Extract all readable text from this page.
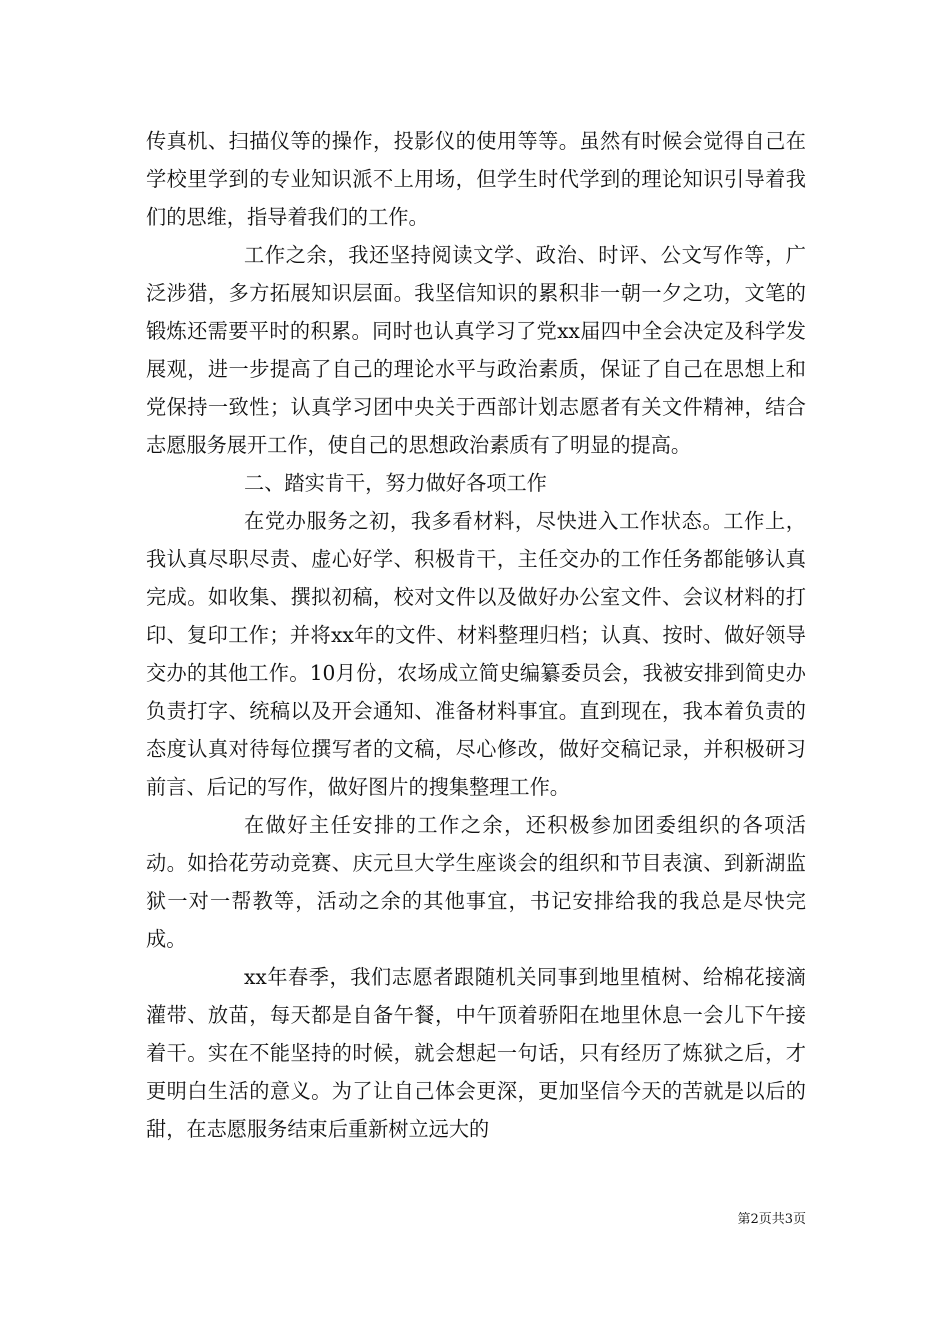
传真机、扫描仪等的操作，投影仪的使用等等。虽然有时候会觉得自己在学校里学到的专业知识派不上用场，但学生时代学到的理论知识引导着我们的思维，指导着我们的工作。

工作之余，我还坚持阅读文学、政治、时评、公文写作等，广泛涉猎，多方拓展知识层面。我坚信知识的累积非一朝一夕之功，文笔的锻炼还需要平时的积累。同时也认真学习了党xx届四中全会决定及科学发展观，进一步提高了自己的理论水平与政治素质，保证了自己在思想上和党保持一致性；认真学习团中央关于西部计划志愿者有关文件精神，结合志愿服务展开工作，使自己的思想政治素质有了明显的提高。

二、踏实肯干，努力做好各项工作

在党办服务之初，我多看材料，尽快进入工作状态。工作上，我认真尽职尽责、虚心好学、积极肯干，主任交办的工作任务都能够认真完成。如收集、撰拟初稿，校对文件以及做好办公室文件、会议材料的打印、复印工作；并将xx年的文件、材料整理归档；认真、按时、做好领导交办的其他工作。10月份，农场成立简史编纂委员会，我被安排到简史办负责打字、统稿以及开会通知、准备材料事宜。直到现在，我本着负责的态度认真对待每位撰写者的文稿，尽心修改，做好交稿记录，并积极研习前言、后记的写作，做好图片的搜集整理工作。

在做好主任安排的工作之余，还积极参加团委组织的各项活动。如拾花劳动竞赛、庆元旦大学生座谈会的组织和节目表演、到新湖监狱一对一帮教等，活动之余的其他事宜，书记安排给我的我总是尽快完成。

xx年春季，我们志愿者跟随机关同事到地里植树、给棉花接滴灌带、放苗，每天都是自备午餐，中午顶着骄阳在地里休息一会儿下午接着干。实在不能坚持的时候，就会想起一句话，只有经历了炼狱之后，才更明白生活的意义。为了让自己体会更深，更加坚信今天的苦就是以后的甜，在志愿服务结束后重新树立远大的

第2页共3页
